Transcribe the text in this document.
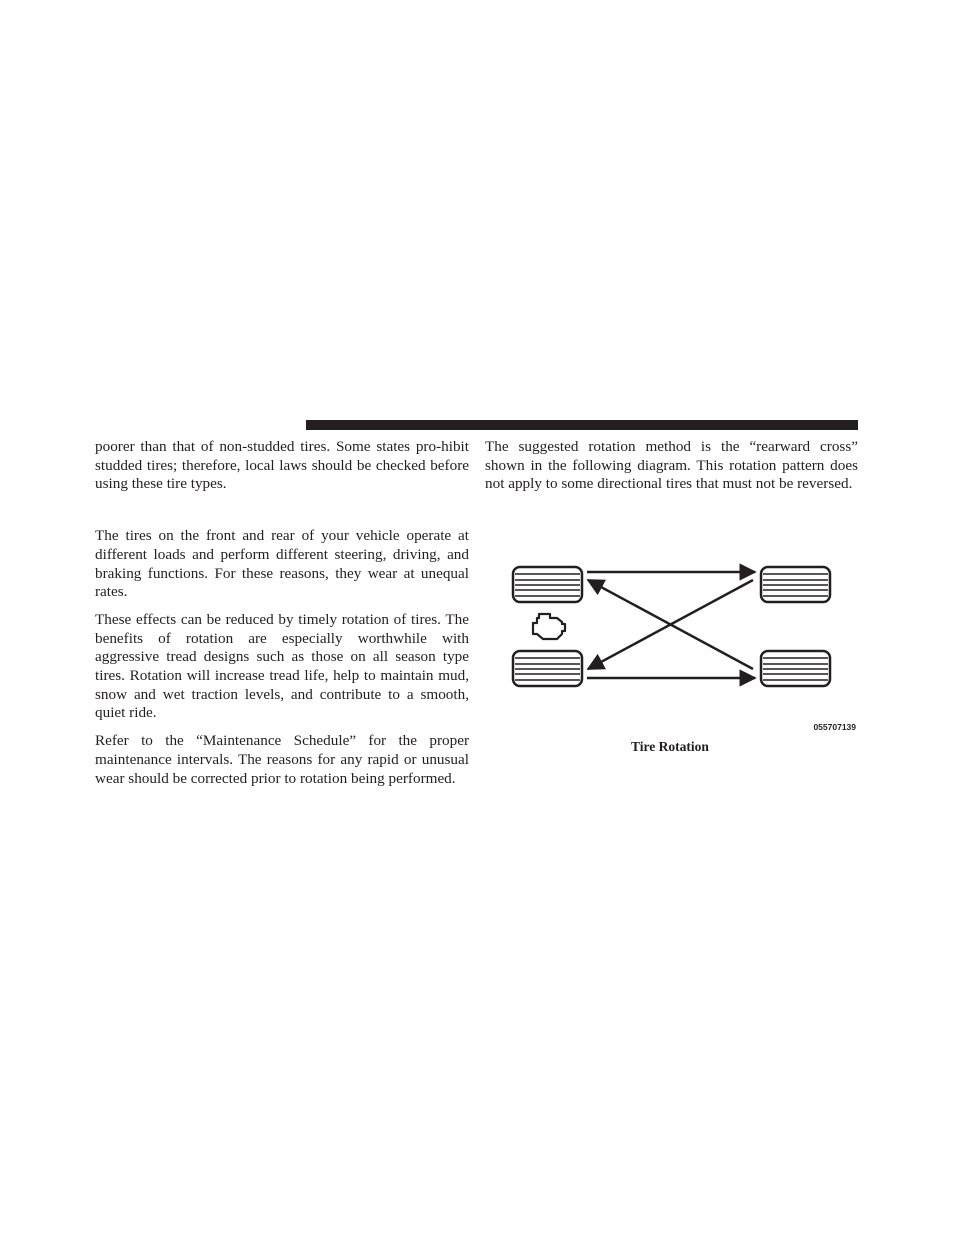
poorer than that of non-studded tires. Some states pro-hibit studded tires; therefore, local laws should be checked before using these tire types.

The tires on the front and rear of your vehicle operate at different loads and perform different steering, driving, and braking functions. For these reasons, they wear at unequal rates.

These effects can be reduced by timely rotation of tires. The benefits of rotation are especially worthwhile with aggressive tread designs such as those on all season type tires. Rotation will increase tread life, help to maintain mud, snow and wet traction levels, and contribute to a smooth, quiet ride.

Refer to the “Maintenance Schedule” for the proper maintenance intervals. The reasons for any rapid or unusual wear should be corrected prior to rotation being performed.

The suggested rotation method is the “rearward cross” shown in the following diagram. This rotation pattern does not apply to some directional tires that must not be reversed.

055707139
Tire Rotation
